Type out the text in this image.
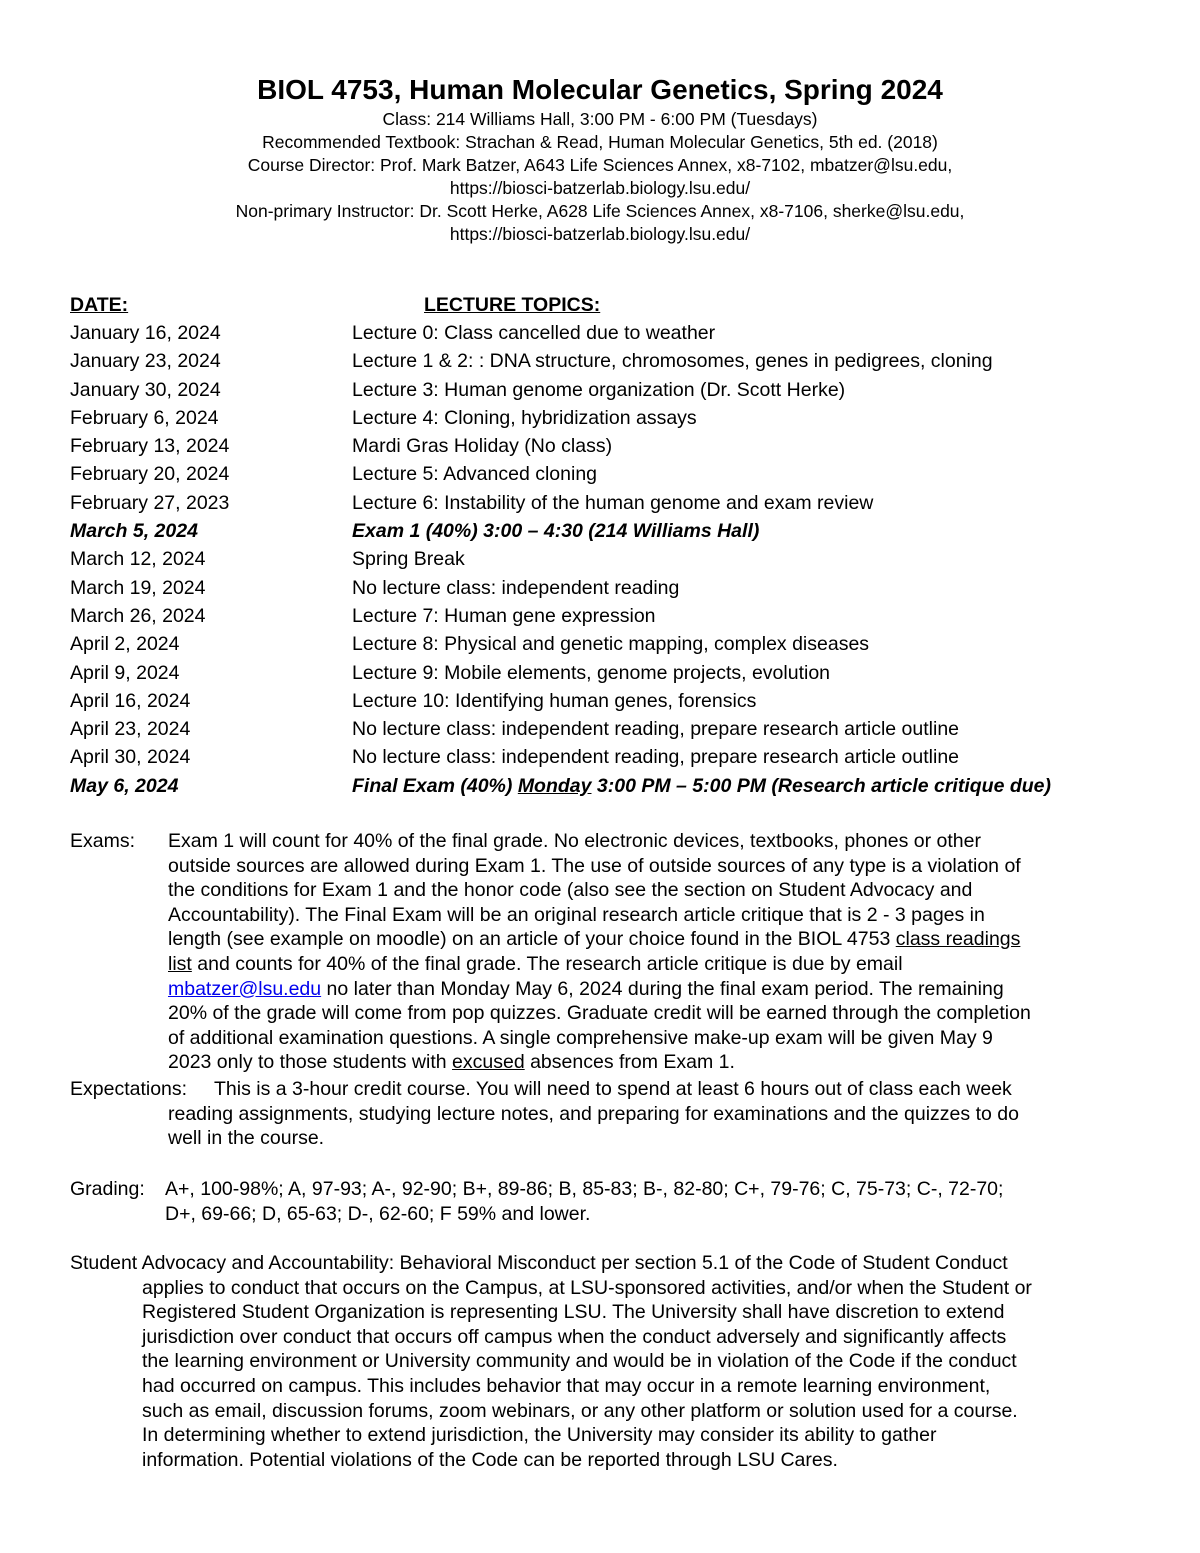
BIOL 4753, Human Molecular Genetics, Spring 2024
Class: 214 Williams Hall, 3:00 PM - 6:00 PM (Tuesdays)
Recommended Textbook: Strachan & Read, Human Molecular Genetics, 5th ed. (2018)
Course Director: Prof. Mark Batzer, A643 Life Sciences Annex, x8-7102, mbatzer@lsu.edu,
https://biosci-batzerlab.biology.lsu.edu/
Non-primary Instructor: Dr. Scott Herke, A628 Life Sciences Annex, x8-7106, sherke@lsu.edu,
https://biosci-batzerlab.biology.lsu.edu/
DATE:	LECTURE TOPICS:
January 16, 2024	Lecture 0: Class cancelled due to weather
January 23, 2024	Lecture 1 & 2: : DNA structure, chromosomes, genes in pedigrees, cloning
January 30, 2024	Lecture 3: Human genome organization (Dr. Scott Herke)
February 6, 2024	Lecture 4: Cloning, hybridization assays
February 13, 2024	Mardi Gras Holiday (No class)
February 20, 2024	Lecture 5: Advanced cloning
February 27, 2023	Lecture 6: Instability of the human genome and exam review
March 5, 2024	Exam 1 (40%) 3:00 – 4:30 (214 Williams Hall)
March 12, 2024	Spring Break
March 19, 2024	No lecture class: independent reading
March 26, 2024	Lecture 7: Human gene expression
April 2, 2024	Lecture 8: Physical and genetic mapping, complex diseases
April 9, 2024	Lecture 9: Mobile elements, genome projects, evolution
April 16, 2024	Lecture 10: Identifying human genes, forensics
April 23, 2024	No lecture class: independent reading, prepare research article outline
April 30, 2024	No lecture class: independent reading, prepare research article outline
May 6, 2024	Final Exam (40%) Monday 3:00 PM – 5:00 PM (Research article critique due)
Exams: Exam 1 will count for 40% of the final grade. No electronic devices, textbooks, phones or other
outside sources are allowed during Exam 1. The use of outside sources of any type is a violation of
the conditions for Exam 1 and the honor code (also see the section on Student Advocacy and
Accountability). The Final Exam will be an original research article critique that is 2 - 3 pages in
length (see example on moodle) on an article of your choice found in the BIOL 4753 class readings
list and counts for 40% of the final grade. The research article critique is due by email
mbatzer@lsu.edu no later than Monday May 6, 2024 during the final exam period. The remaining
20% of the grade will come from pop quizzes. Graduate credit will be earned through the completion
of additional examination questions. A single comprehensive make-up exam will be given May 9
2023 only to those students with excused absences from Exam 1.
Expectations: This is a 3-hour credit course. You will need to spend at least 6 hours out of class each week
reading assignments, studying lecture notes, and preparing for examinations and the quizzes to do
well in the course.
Grading: A+, 100-98%; A, 97-93; A-, 92-90; B+, 89-86; B, 85-83; B-, 82-80; C+, 79-76; C, 75-73; C-, 72-70;
D+, 69-66; D, 65-63; D-, 62-60; F 59% and lower.
Student Advocacy and Accountability: Behavioral Misconduct per section 5.1 of the Code of Student Conduct
applies to conduct that occurs on the Campus, at LSU-sponsored activities, and/or when the Student or
Registered Student Organization is representing LSU. The University shall have discretion to extend
jurisdiction over conduct that occurs off campus when the conduct adversely and significantly affects
the learning environment or University community and would be in violation of the Code if the conduct
had occurred on campus. This includes behavior that may occur in a remote learning environment,
such as email, discussion forums, zoom webinars, or any other platform or solution used for a course.
In determining whether to extend jurisdiction, the University may consider its ability to gather
information. Potential violations of the Code can be reported through LSU Cares.
